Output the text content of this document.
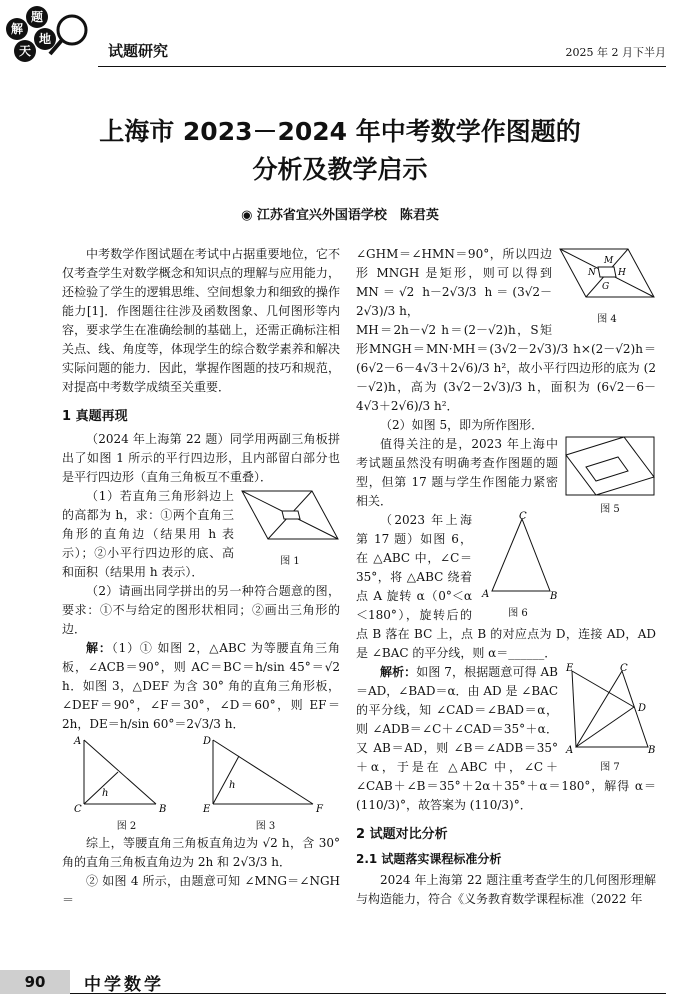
解
题
天
地
试题研究	2025 年 2 月下半月
上海市 2023－2024 年中考数学作图题的
分析及教学启示
◉ 江苏省宜兴外国语学校　陈君英

中考数学作图试题在考试中占据重要地位，它不仅考查学生对数学概念和知识点的理解与应用能力，还检验了学生的逻辑思维、空间想象力和细致的操作能力[1]．作图题往往涉及函数图象、几何图形等内容，要求学生在准确绘制的基础上，还需正确标注相关点、线、角度等，体现学生的综合数学素养和解决实际问题的能力．因此，掌握作图题的技巧和规范，对提高中考数学成绩至关重要．

1 真题再现

（2024 年上海第 22 题）同学用两副三角板拼出了如图 1 所示的平行四边形，且内部留白部分也是平行四边形（直角三角板互不重叠）．

图 1

（1）若直角三角形斜边上的高都为 h，求：①两个直角三角形的直角边（结果用 h 表示）；②小平行四边形的底、高和面积（结果用 h 表示）．

（2）请画出同学拼出的另一种符合题意的图，要求：①不与给定的图形状相同；②画出三角形的边．

解：（1）① 如图 2，△ABC 为等腰直角三角板，∠ACB＝90°，则 AC＝BC＝h/sin 45°＝√2 h．如图 3，△DEF 为含 30° 角的直角三角形板，∠DEF＝90°，∠F＝30°，∠D＝60°，则 EF＝2h，DE＝h/sin 60°＝2√3/3 h．

A
C	B
h
图 2
D
E	F
h
图 3

综上，等腰直角三角板直角边为 √2 h，含 30° 角的直角三角板直角边为 2h 和 2√3/3 h．

② 如图 4 所示，由题意可知 ∠MNG＝∠NGH＝

M
N
G
H
图 4

∠GHM＝∠HMN＝90°，所以四边形 MNGH 是矩形，则可以得到 MN＝√2 h－2√3/3 h＝(3√2－2√3)/3 h，

MH＝2h－√2 h＝(2－√2)h，S矩形MNGH＝MN·MH＝(3√2－2√3)/3 h×(2－√2)h＝(6√2－6－4√3＋2√6)/3 h²，故小平行四边形的底为 (2－√2)h，高为 (3√2－2√3)/3 h，面积为 (6√2－6－4√3＋2√6)/3 h²．

（2）如图 5，即为所作图形．

图 5

值得关注的是，2023 年上海中考试题虽然没有明确考查作图题的题型，但第 17 题与学生作图能力紧密相关．

C
A	B
图 6

（2023 年上海第 17 题）如图 6，在 △ABC 中，∠C＝35°，将 △ABC 绕着点 A 旋转 α（0°＜α＜180°），旋转后的点 B 落在 BC 上，点 B 的对应点为 D，连接 AD，AD 是 ∠BAC 的平分线，则 α＝______．

E	C
D
A	B
图 7

解析：如图 7，根据题意可得 AB＝AD，∠BAD＝α．由 AD 是 ∠BAC 的平分线，知 ∠CAD＝∠BAD＝α，则 ∠ADB＝∠C＋∠CAD＝35°＋α．又 AB＝AD，则 ∠B＝∠ADB＝35°＋α，于是在 △ABC 中，∠C＋∠CAB＋∠B＝35°＋2α＋35°＋α＝180°，解得 α＝(110/3)°，故答案为 (110/3)°．

2 试题对比分析

2.1 试题落实课程标准分析

2024 年上海第 22 题注重考查学生的几何图形理解与构造能力，符合《义务教育数学课程标准（2022 年

90	中学数学
